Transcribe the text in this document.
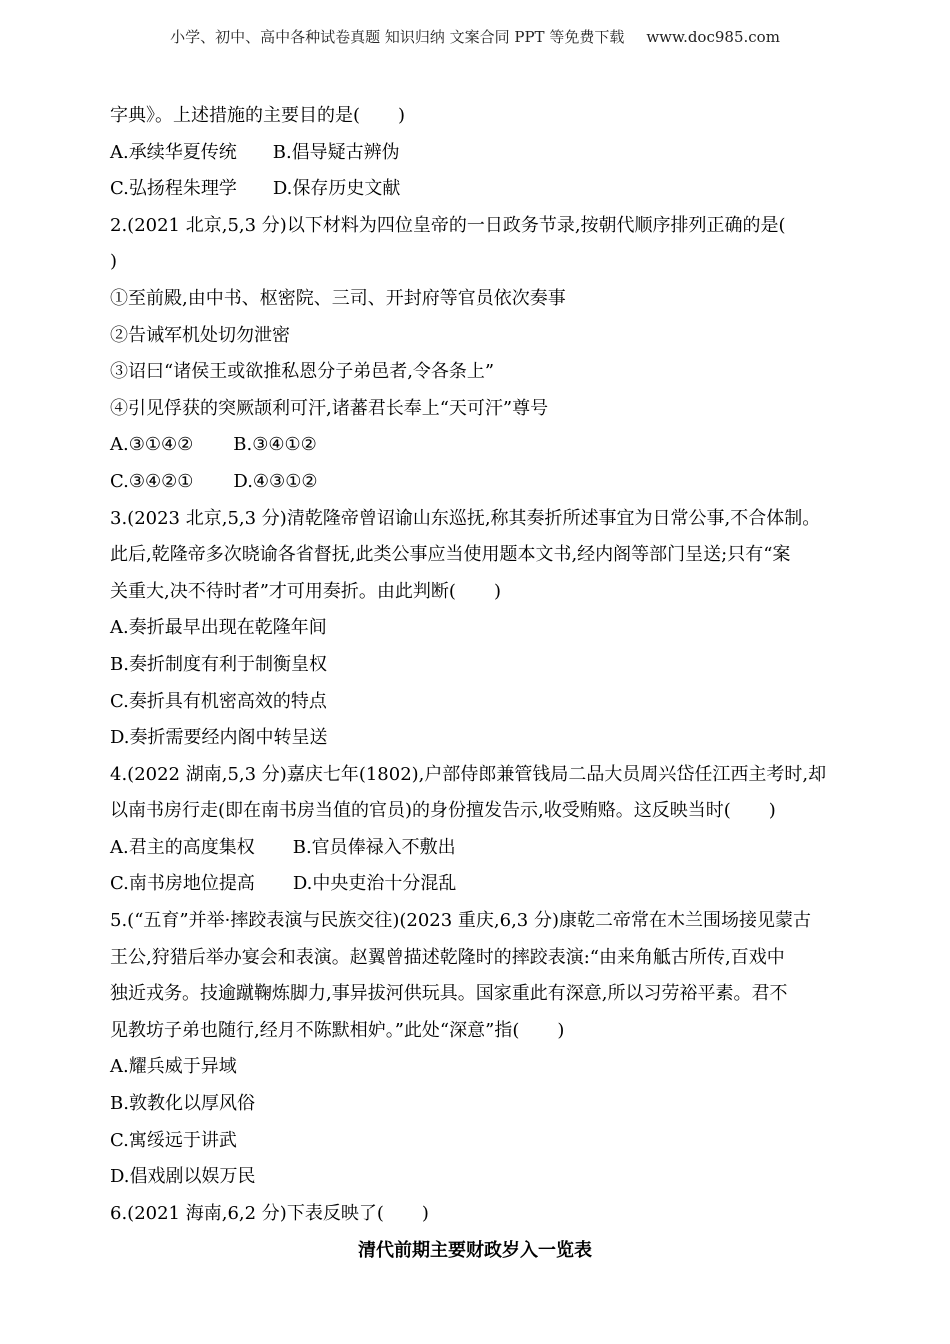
小学、初中、高中各种试卷真题 知识归纳 文案合同 PPT 等免费下载 www.doc985.com
字典》。上述措施的主要目的是( )
A.承续华夏传统 B.倡导疑古辨伪
C.弘扬程朱理学 D.保存历史文献
2.(2021 北京,5,3 分)以下材料为四位皇帝的一日政务节录,按朝代顺序排列正确的是(
)
①至前殿,由中书、枢密院、三司、开封府等官员依次奏事
②告诫军机处切勿泄密
③诏曰“诸侯王或欲推私恩分子弟邑者,令各条上”
④引见俘获的突厥颉利可汗,诸蕃君长奉上“天可汗”尊号
A.③①④② B.③④①②
C.③④②① D.④③①②
3.(2023 北京,5,3 分)清乾隆帝曾诏谕山东巡抚,称其奏折所述事宜为日常公事,不合体制。
此后,乾隆帝多次晓谕各省督抚,此类公事应当使用题本文书,经内阁等部门呈送;只有“案
关重大,决不待时者”才可用奏折。由此判断( )
A.奏折最早出现在乾隆年间
B.奏折制度有利于制衡皇权
C.奏折具有机密高效的特点
D.奏折需要经内阁中转呈送
4.(2022 湖南,5,3 分)嘉庆七年(1802),户部侍郎兼管钱局二品大员周兴岱任江西主考时,却
以南书房行走(即在南书房当值的官员)的身份擅发告示,收受贿赂。这反映当时( )
A.君主的高度集权 B.官员俸禄入不敷出
C.南书房地位提高 D.中央吏治十分混乱
5.(“五育”并举·摔跤表演与民族交往)(2023 重庆,6,3 分)康乾二帝常在木兰围场接见蒙古
王公,狩猎后举办宴会和表演。赵翼曾描述乾隆时的摔跤表演:“由来角觝古所传,百戏中
独近戎务。技逾蹴鞠炼脚力,事异拔河供玩具。国家重此有深意,所以习劳裕平素。君不
见教坊子弟也随行,经月不陈默相妒。”此处“深意”指( )
A.耀兵威于异域
B.敦教化以厚风俗
C.寓绥远于讲武
D.倡戏剧以娱万民
6.(2021 海南,6,2 分)下表反映了( )
清代前期主要财政岁入一览表
